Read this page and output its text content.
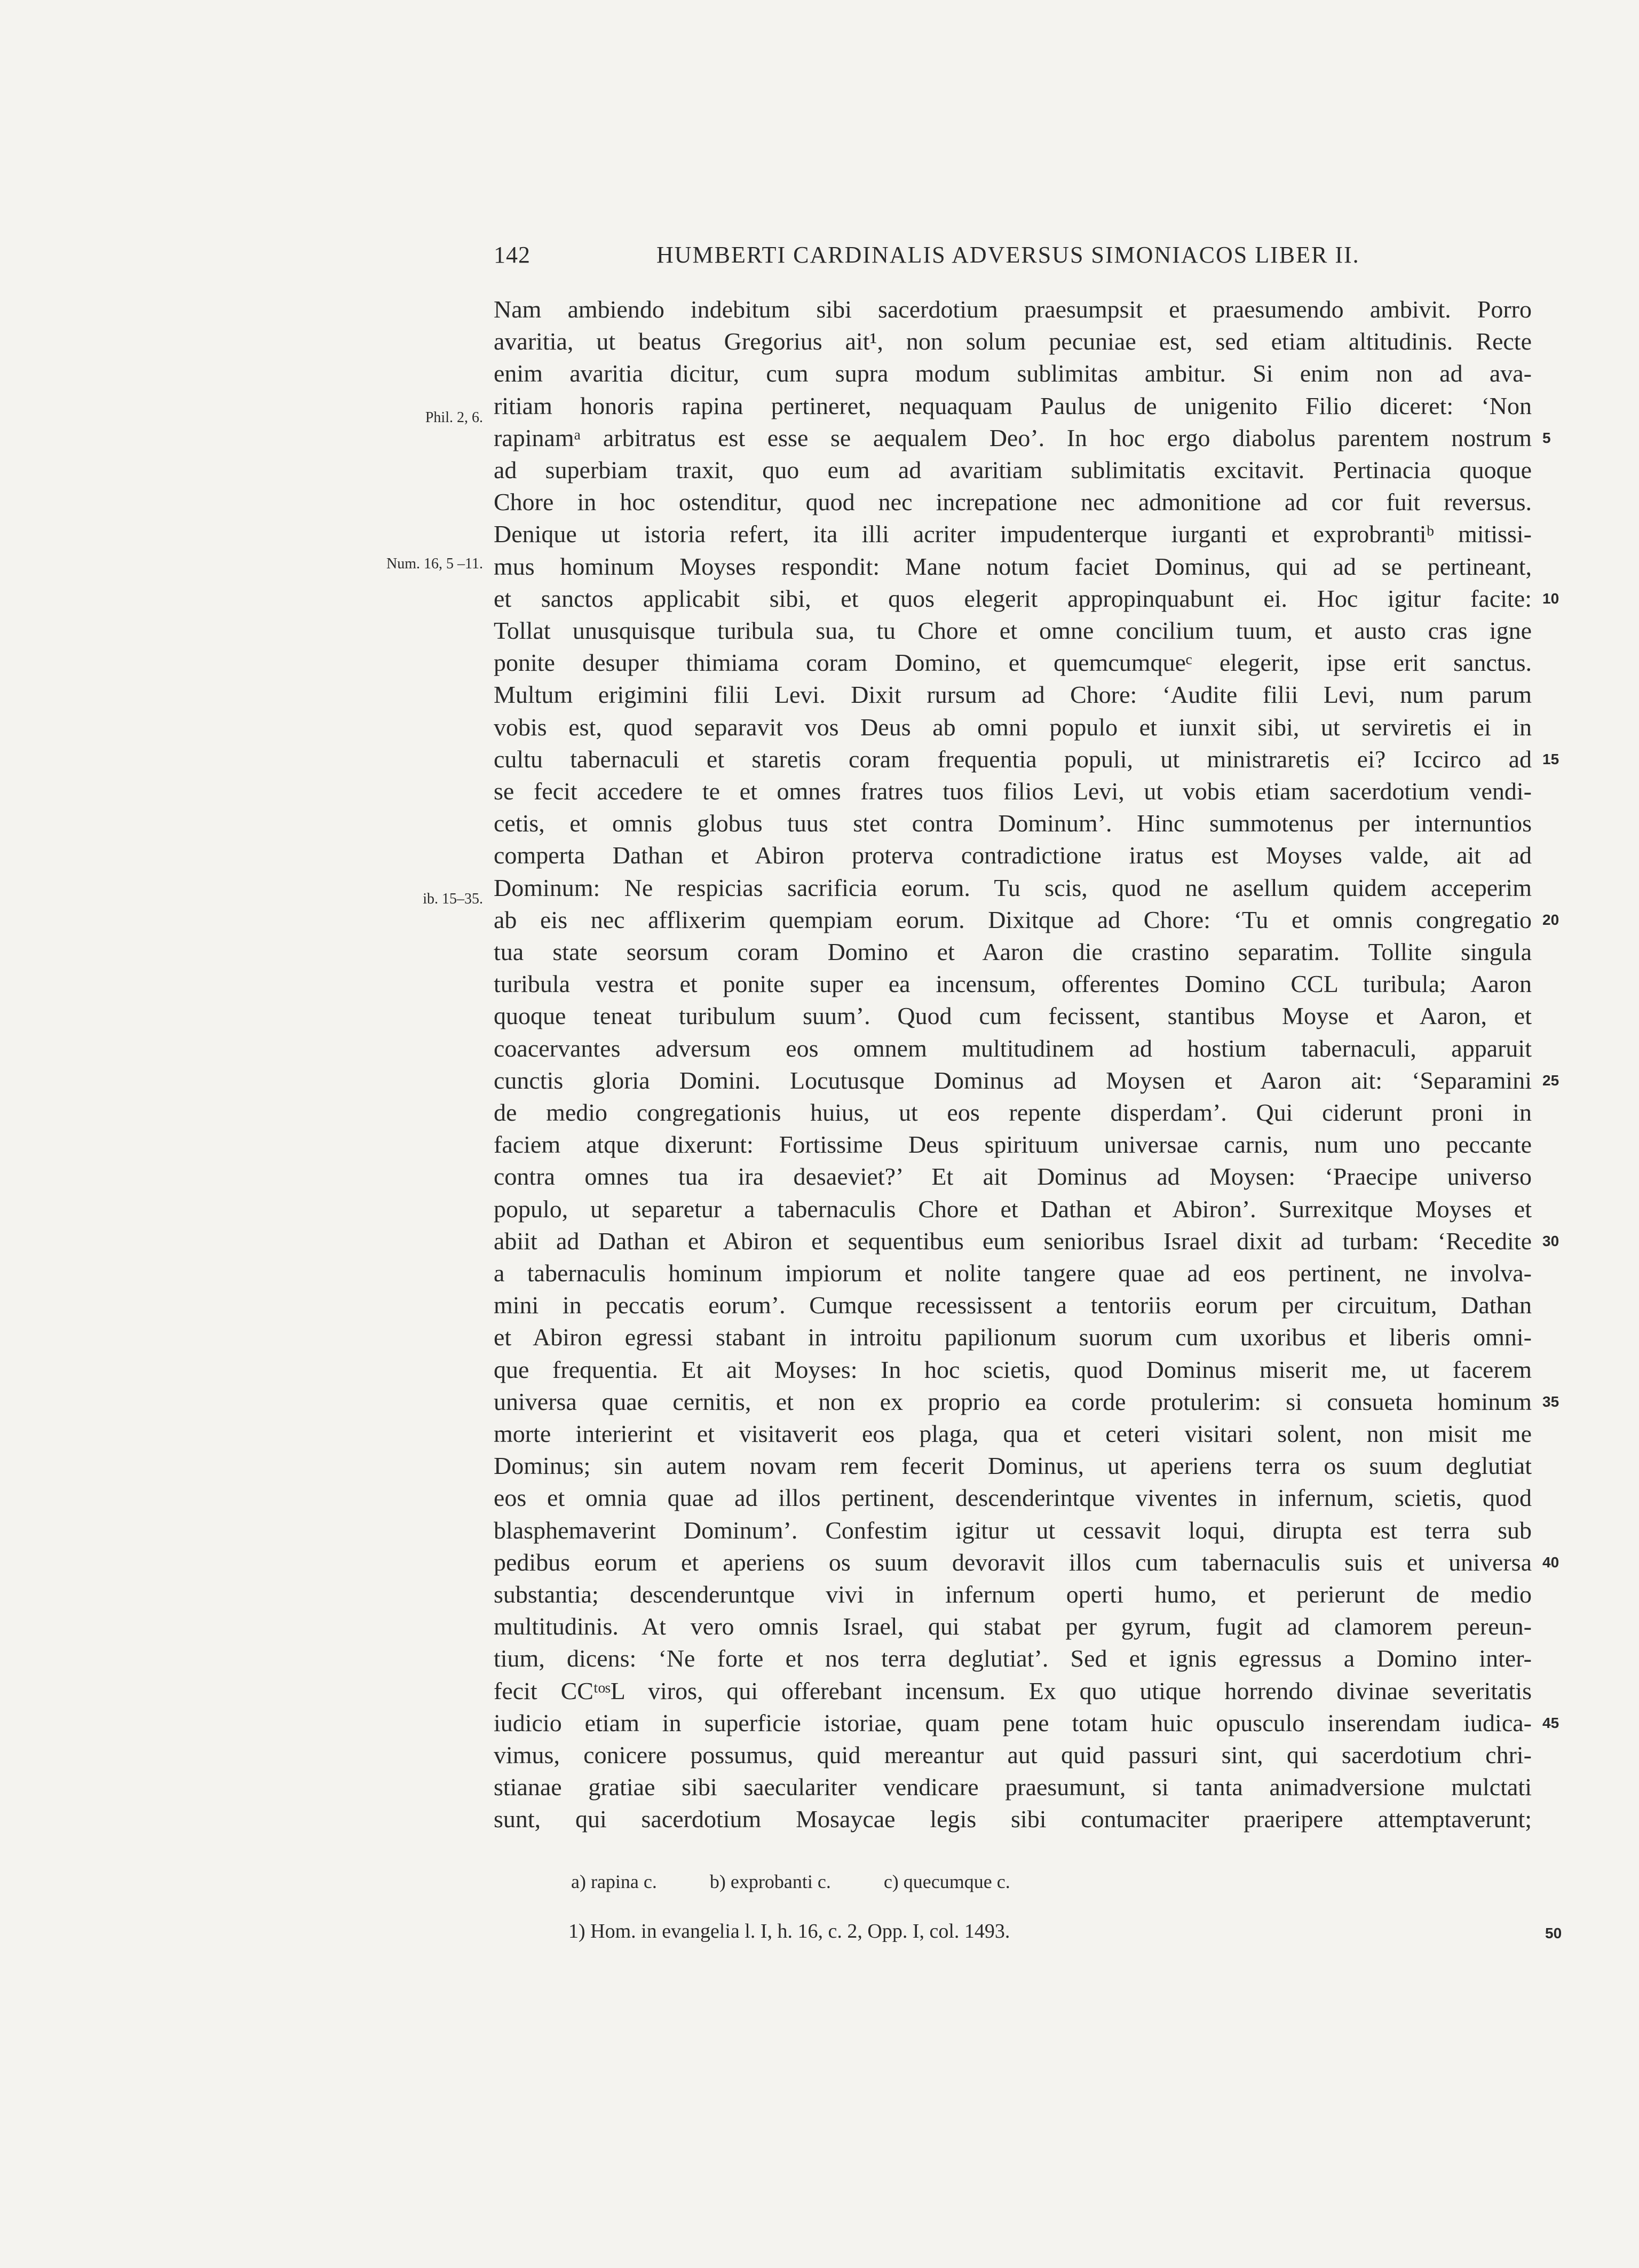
142	HUMBERTI CARDINALIS ADVERSUS SIMONIACOS LIBER II.
Phil. 2, 6.
Num. 16, 5 –11.
ib. 15–35.
Nam ambiendo indebitum sibi sacerdotium praesumpsit et praesumendo ambivit. Porro
avaritia, ut beatus Gregorius ait¹, non solum pecuniae est, sed etiam altitudinis. Recte
enim avaritia dicitur, cum supra modum sublimitas ambitur. Si enim non ad ava-
ritiam honoris rapina pertineret, nequaquam Paulus de unigenito Filio diceret: ‘Non
rapinamᵃ arbitratus est esse se aequalem Deo’. In hoc ergo diabolus parentem nostrum 5
ad superbiam traxit, quo eum ad avaritiam sublimitatis excitavit. Pertinacia quoque
Chore in hoc ostenditur, quod nec increpatione nec admonitione ad cor fuit reversus.
Denique ut istoria refert, ita illi acriter impudenterque iurganti et exprobrantiᵇ mitissi-
mus hominum Moyses respondit: Mane notum faciet Dominus, qui ad se pertineant,
et sanctos applicabit sibi, et quos elegerit appropinquabunt ei. Hoc igitur facite: 10
Tollat unusquisque turibula sua, tu Chore et omne concilium tuum, et austo cras igne
ponite desuper thimiama coram Domino, et quemcumqueᶜ elegerit, ipse erit sanctus.
Multum erigimini filii Levi. Dixit rursum ad Chore: ‘Audite filii Levi, num parum
vobis est, quod separavit vos Deus ab omni populo et iunxit sibi, ut serviretis ei in
cultu tabernaculi et staretis coram frequentia populi, ut ministraretis ei? Iccirco ad 15
se fecit accedere te et omnes fratres tuos filios Levi, ut vobis etiam sacerdotium vendi-
cetis, et omnis globus tuus stet contra Dominum’. Hinc summotenus per internuntios
comperta Dathan et Abiron proterva contradictione iratus est Moyses valde, ait ad
Dominum: Ne respicias sacrificia eorum. Tu scis, quod ne asellum quidem acceperim
ab eis nec afflixerim quempiam eorum. Dixitque ad Chore: ‘Tu et omnis congregatio 20
tua state seorsum coram Domino et Aaron die crastino separatim. Tollite singula
turibula vestra et ponite super ea incensum, offerentes Domino CCL turibula; Aaron
quoque teneat turibulum suum’. Quod cum fecissent, stantibus Moyse et Aaron, et
coacervantes adversum eos omnem multitudinem ad hostium tabernaculi, apparuit
cunctis gloria Domini. Locutusque Dominus ad Moysen et Aaron ait: ‘Separamini 25
de medio congregationis huius, ut eos repente disperdam’. Qui ciderunt proni in
faciem atque dixerunt: Fortissime Deus spirituum universae carnis, num uno peccante
contra omnes tua ira desaeviet?’ Et ait Dominus ad Moysen: ‘Praecipe universo
populo, ut separetur a tabernaculis Chore et Dathan et Abiron’. Surrexitque Moyses et
abiit ad Dathan et Abiron et sequentibus eum senioribus Israel dixit ad turbam: ‘Recedite 30
a tabernaculis hominum impiorum et nolite tangere quae ad eos pertinent, ne involva-
mini in peccatis eorum’. Cumque recessissent a tentoriis eorum per circuitum, Dathan
et Abiron egressi stabant in introitu papilionum suorum cum uxoribus et liberis omni-
que frequentia. Et ait Moyses: In hoc scietis, quod Dominus miserit me, ut facerem
universa quae cernitis, et non ex proprio ea corde protulerim: si consueta hominum 35
morte interierint et visitaverit eos plaga, qua et ceteri visitari solent, non misit me
Dominus; sin autem novam rem fecerit Dominus, ut aperiens terra os suum deglutiat
eos et omnia quae ad illos pertinent, descenderintque viventes in infernum, scietis, quod
blasphemaverint Dominum’. Confestim igitur ut cessavit loqui, dirupta est terra sub
pedibus eorum et aperiens os suum devoravit illos cum tabernaculis suis et universa 40
substantia; descenderuntque vivi in infernum operti humo, et perierunt de medio
multitudinis. At vero omnis Israel, qui stabat per gyrum, fugit ad clamorem pereun-
tium, dicens: ‘Ne forte et nos terra deglutiat’. Sed et ignis egressus a Domino inter-
fecit CCᵗᵒˢL viros, qui offerebant incensum. Ex quo utique horrendo divinae severitatis
iudicio etiam in superficie istoriae, quam pene totam huic opusculo inserendam iudica- 45
vimus, conicere possumus, quid mereantur aut quid passuri sint, qui sacerdotium chri-
stianae gratiae sibi saeculariter vendicare praesumunt, si tanta animadversione mulctati
sunt, qui sacerdotium Mosaycae legis sibi contumaciter praeripere attemptaverunt;
a) rapina c.	b) exprobanti c.	c) quecumque c.
1) Hom. in evangelia l. I, h. 16, c. 2, Opp. I, col. 1493.	50
